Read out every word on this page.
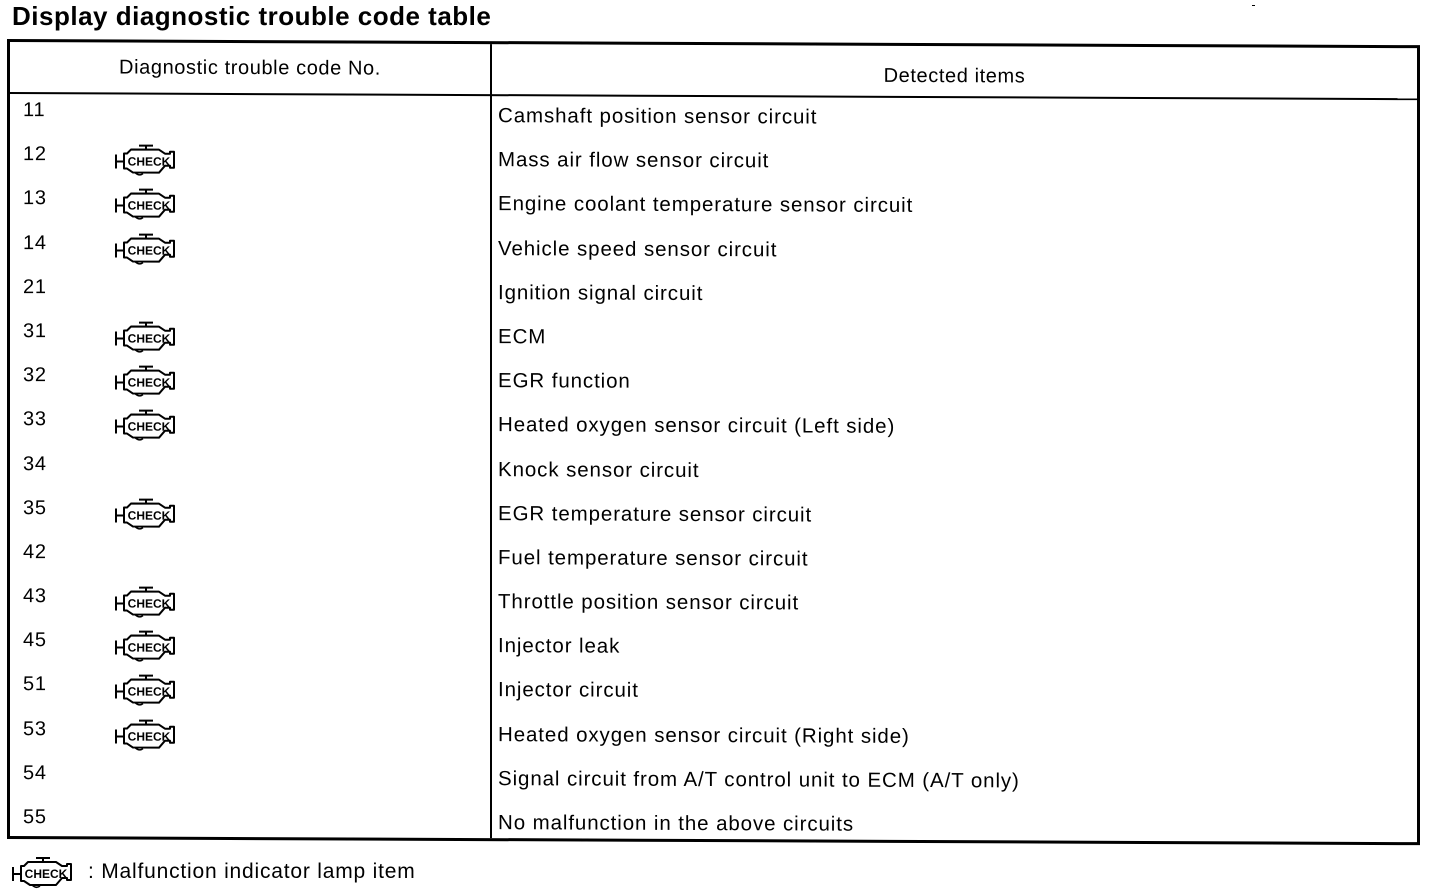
Display diagnostic trouble code table
Diagnostic trouble code No.	Detected items
11	Camshaft position sensor circuit
12	CHECK	Mass air flow sensor circuit
13	CHECK	Engine coolant temperature sensor circuit
14	CHECK	Vehicle speed sensor circuit
21	Ignition signal circuit
31	CHECK	ECM
32	CHECK	EGR function
33	CHECK	Heated oxygen sensor circuit (Left side)
34	Knock sensor circuit
35	CHECK	EGR temperature sensor circuit
42	Fuel temperature sensor circuit
43	CHECK	Throttle position sensor circuit
45	CHECK	Injector leak
51	CHECK	Injector circuit
53	CHECK	Heated oxygen sensor circuit (Right side)
54	Signal circuit from A/T control unit to ECM (A/T only)
55	No malfunction in the above circuits
CHECK : Malfunction indicator lamp item
